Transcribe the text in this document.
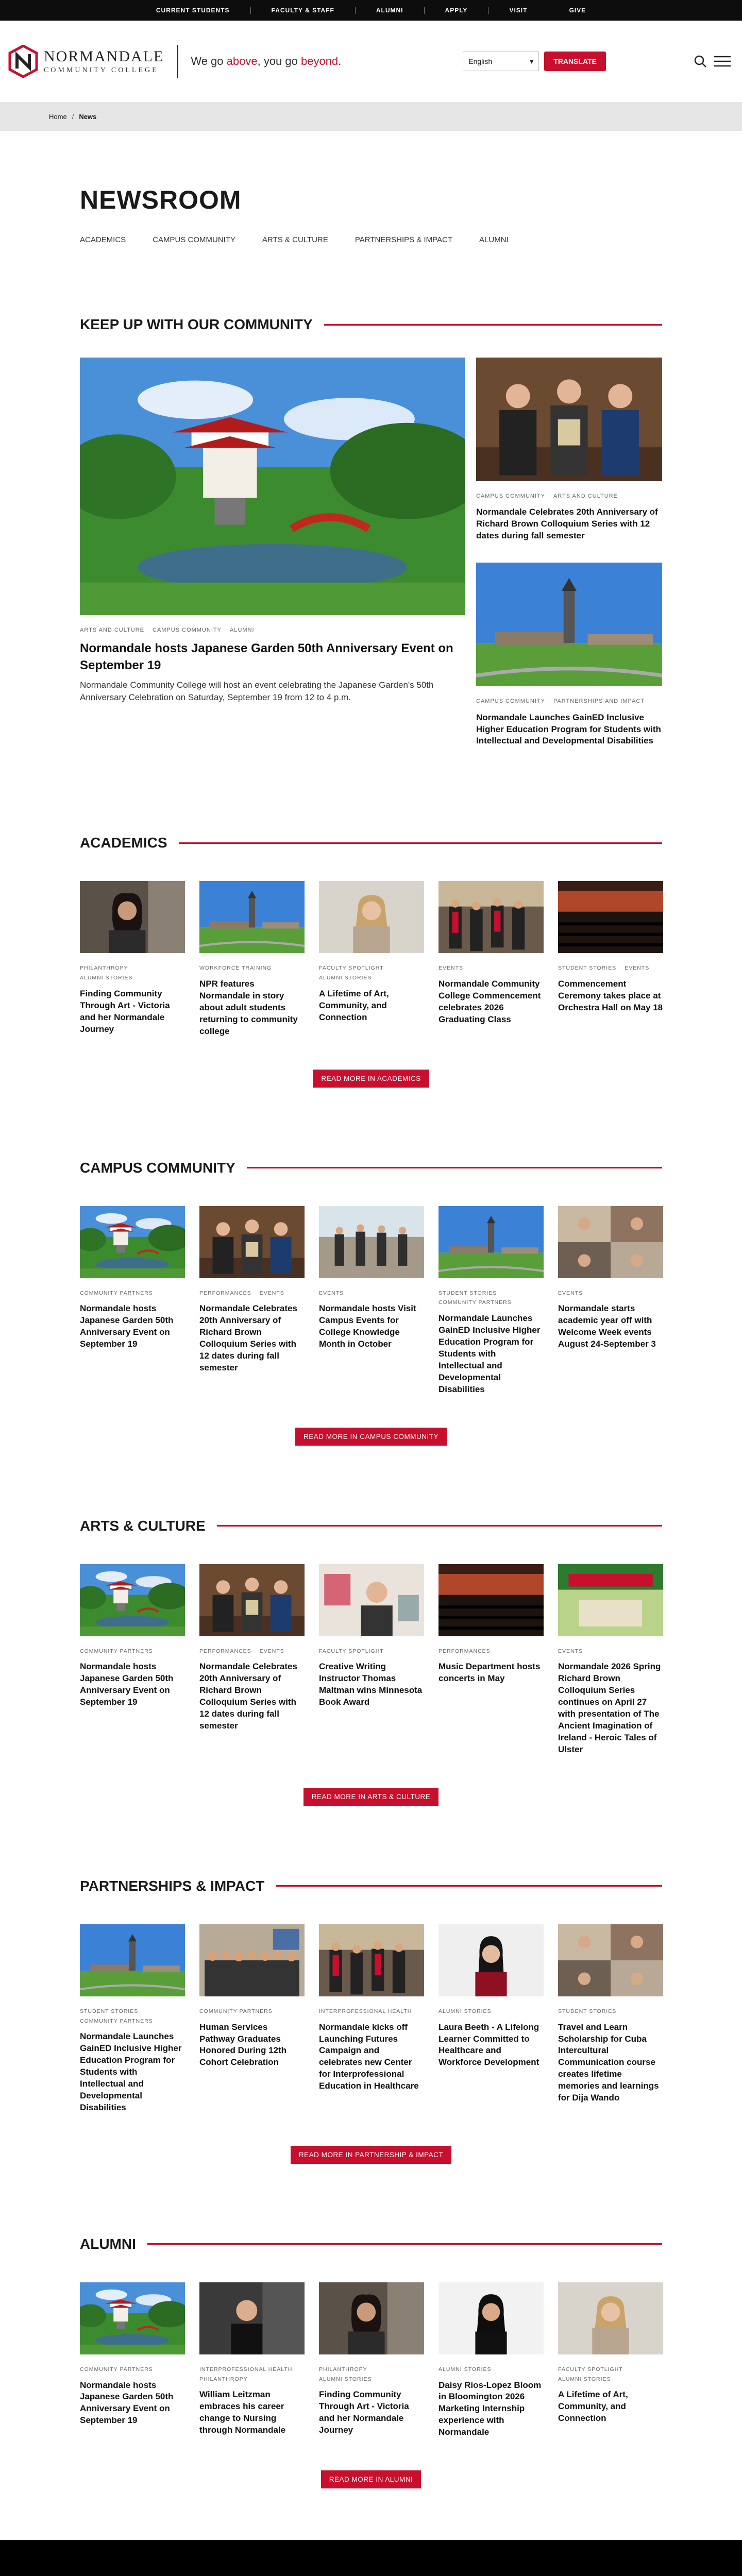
CURRENT STUDENTS	FACULTY & STAFF	ALUMNI	APPLY	VISIT	GIVE
NORMANDALE
COMMUNITY COLLEGE
We go above, you go beyond.	English	▾	TRANSLATE
Home / News
NEWSROOM
ACADEMICS	CAMPUS COMMUNITY	ARTS & CULTURE	PARTNERSHIPS & IMPACT	ALUMNI
KEEP UP WITH OUR COMMUNITY
ARTS AND CULTURE CAMPUS COMMUNITY ALUMNI
Normandale hosts Japanese Garden 50th Anniversary Event on September 19
Normandale Community College will host an event celebrating the Japanese Garden's 50th Anniversary Celebration on Saturday, September 19 from 12 to 4 p.m.
CAMPUS COMMUNITY ARTS AND CULTURE
Normandale Celebrates 20th Anniversary of Richard Brown Colloquium Series with 12 dates during fall semester
CAMPUS COMMUNITY PARTNERSHIPS AND IMPACT
Normandale Launches GainED Inclusive Higher Education Program for Students with Intellectual and Developmental Disabilities
ACADEMICS
PHILANTHROPY
ALUMNI STORIES
Finding Community Through Art - Victoria and her Normandale Journey
WORKFORCE TRAINING
NPR features Normandale in story about adult students returning to community college
FACULTY SPOTLIGHT
ALUMNI STORIES
A Lifetime of Art, Community, and Connection
EVENTS
Normandale Community College Commencement celebrates 2026 Graduating Class
STUDENT STORIES EVENTS
Commencement Ceremony takes place at Orchestra Hall on May 18
READ MORE IN ACADEMICS
CAMPUS COMMUNITY
COMMUNITY PARTNERS
Normandale hosts Japanese Garden 50th Anniversary Event on September 19
PERFORMANCES EVENTS
Normandale Celebrates 20th Anniversary of Richard Brown Colloquium Series with 12 dates during fall semester
EVENTS
Normandale hosts Visit Campus Events for College Knowledge Month in October
STUDENT STORIES
COMMUNITY PARTNERS
Normandale Launches GainED Inclusive Higher Education Program for Students with Intellectual and Developmental Disabilities
EVENTS
Normandale starts academic year off with Welcome Week events August 24-September 3
READ MORE IN CAMPUS COMMUNITY
ARTS & CULTURE
COMMUNITY PARTNERS
Normandale hosts Japanese Garden 50th Anniversary Event on September 19
PERFORMANCES EVENTS
Normandale Celebrates 20th Anniversary of Richard Brown Colloquium Series with 12 dates during fall semester
FACULTY SPOTLIGHT
Creative Writing Instructor Thomas Maltman wins Minnesota Book Award
PERFORMANCES
Music Department hosts concerts in May
EVENTS
Normandale 2026 Spring Richard Brown Colloquium Series continues on April 27 with presentation of The Ancient Imagination of Ireland - Heroic Tales of Ulster
READ MORE IN ARTS & CULTURE
PARTNERSHIPS & IMPACT
STUDENT STORIES
COMMUNITY PARTNERS
Normandale Launches GainED Inclusive Higher Education Program for Students with Intellectual and Developmental Disabilities
COMMUNITY PARTNERS
Human Services Pathway Graduates Honored During 12th Cohort Celebration
INTERPROFESSIONAL HEALTH
Normandale kicks off Launching Futures Campaign and celebrates new Center for Interprofessional Education in Healthcare
ALUMNI STORIES
Laura Beeth - A Lifelong Learner Committed to Healthcare and Workforce Development
STUDENT STORIES
Travel and Learn Scholarship for Cuba Intercultural Communication course creates lifetime memories and learnings for Dija Wando
READ MORE IN PARTNERSHIP & IMPACT
ALUMNI
COMMUNITY PARTNERS
Normandale hosts Japanese Garden 50th Anniversary Event on September 19
INTERPROFESSIONAL HEALTH
PHILANTHROPY
William Leitzman embraces his career change to Nursing through Normandale
PHILANTHROPY
ALUMNI STORIES
Finding Community Through Art - Victoria and her Normandale Journey
ALUMNI STORIES
Daisy Rios-Lopez Bloom in Bloomington 2026 Marketing Internship experience with Normandale
FACULTY SPOTLIGHT
ALUMNI STORIES
A Lifetime of Art, Community, and Connection
READ MORE IN ALUMNI
